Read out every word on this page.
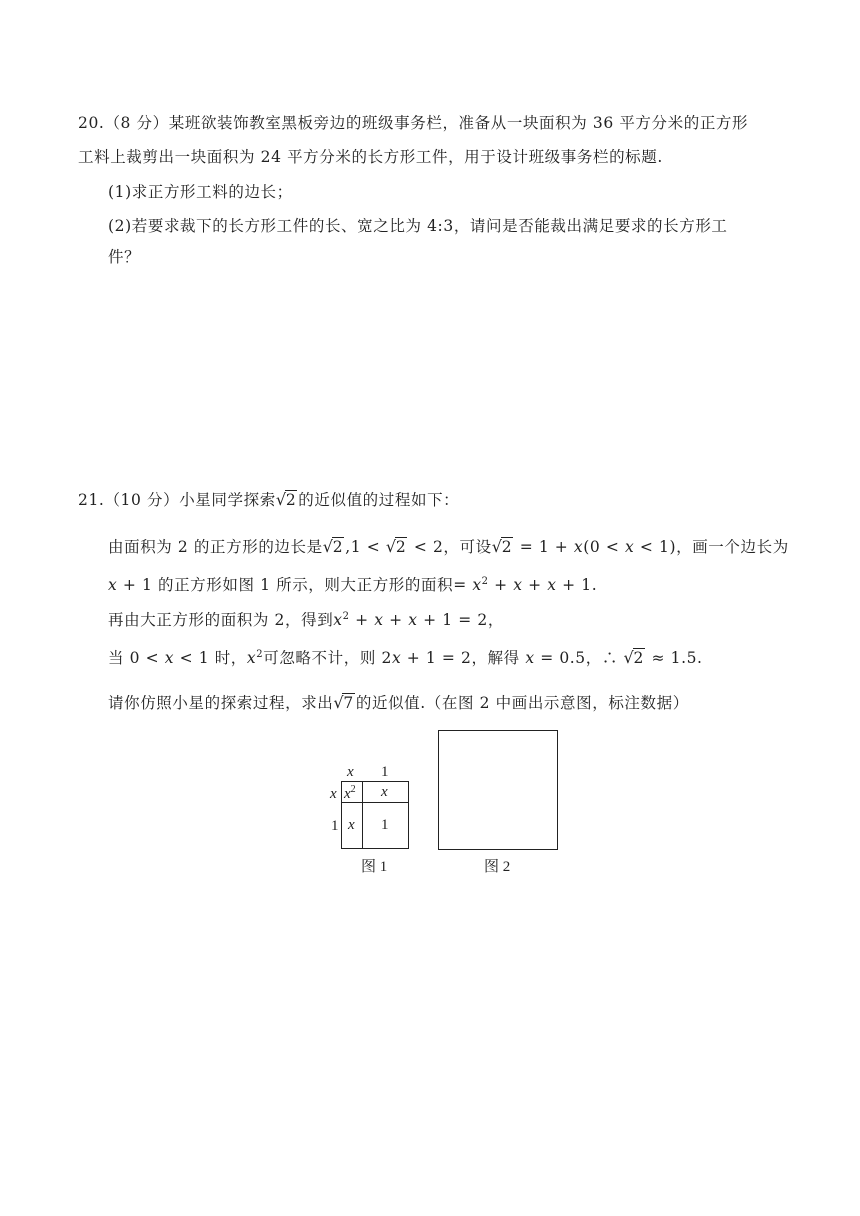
20.（8 分）某班欲装饰教室黑板旁边的班级事务栏，准备从一块面积为 36 平方分米的正方形
工料上裁剪出一块面积为 24 平方分米的长方形工件，用于设计班级事务栏的标题.
(1)求正方形工料的边长；
(2)若要求裁下的长方形工件的长、宽之比为 4:3，请问是否能裁出满足要求的长方形工
件？
21.（10 分）小星同学探索 √ 2 的近似值的过程如下：
由面积为 2 的正方形的边长是 √ 2 ,1 < √ 2 < 2，可设 √ 2 = 1 + x(0 < x < 1)，画一个边长为
x + 1 的正方形如图 1 所示，则大正方形的面积= $x^2 + x + x + 1$.
再由大正方形的面积为 2，得到$x^2 + x + x + 1 = 2$，
当 0 < x < 1 时，$x^2$可忽略不计，则 2x + 1 = 2，解得 x = 0.5，∴ √ 2 ≈ 1.5.
请你仿照小星的探索过程，求出 √ 7 的近似值.（在图 2 中画出示意图，标注数据）
x 1
x
1
$x^2$ x
x 1
图 1	图 2
